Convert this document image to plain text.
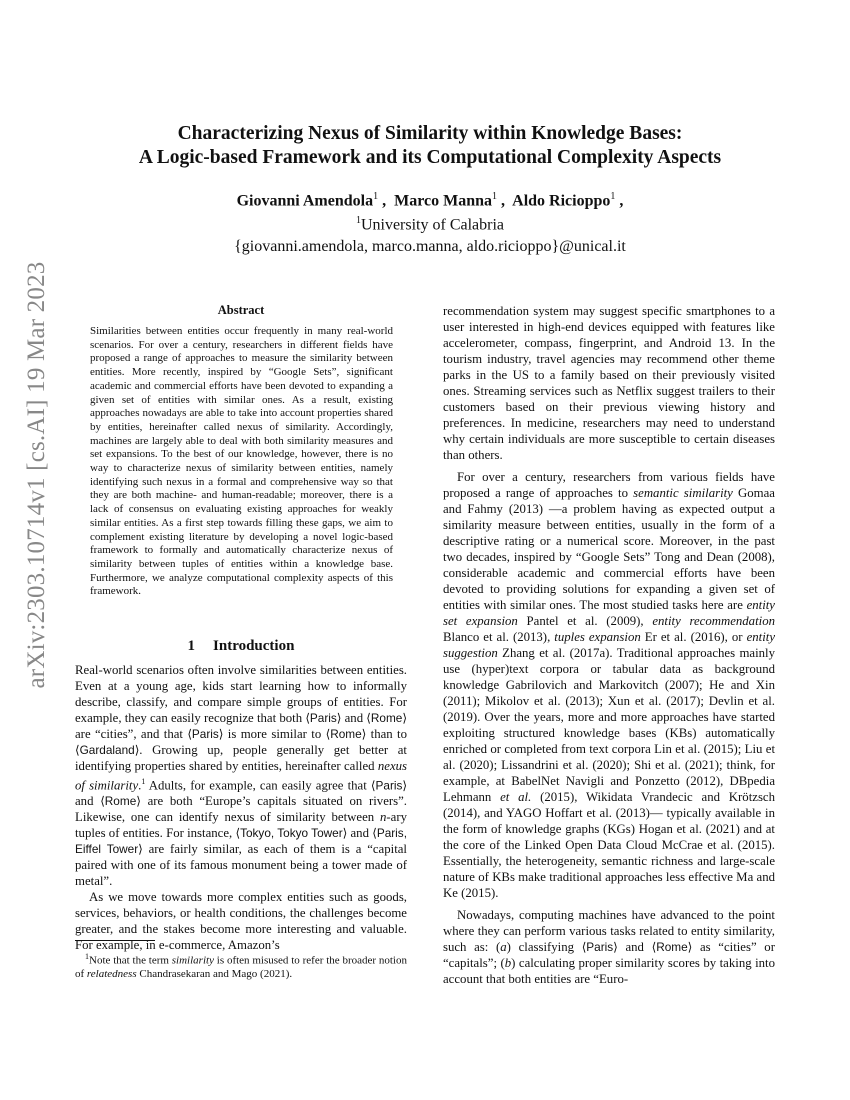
arXiv:2303.10714v1 [cs.AI] 19 Mar 2023
Characterizing Nexus of Similarity within Knowledge Bases:
A Logic-based Framework and its Computational Complexity Aspects
Giovanni Amendola$^1$ ,  Marco Manna$^1$ ,  Aldo Ricioppo$^1$ ,
$^1$University of Calabria
{giovanni.amendola, marco.manna, aldo.ricioppo}@unical.it
Abstract
Similarities between entities occur frequently in many real-world scenarios. For over a century, researchers in different fields have proposed a range of approaches to measure the similarity between entities. More recently, inspired by “Google Sets”, significant academic and commercial efforts have been devoted to expanding a given set of entities with similar ones. As a result, existing approaches nowadays are able to take into account properties shared by entities, hereinafter called nexus of similarity. Accordingly, machines are largely able to deal with both similarity measures and set expansions. To the best of our knowledge, however, there is no way to characterize nexus of similarity between entities, namely identifying such nexus in a formal and comprehensive way so that they are both machine- and human-readable; moreover, there is a lack of consensus on evaluating existing approaches for weakly similar entities. As a first step towards filling these gaps, we aim to complement existing literature by developing a novel logic-based framework to formally and automatically characterize nexus of similarity between tuples of entities within a knowledge base. Furthermore, we analyze computational complexity aspects of this framework.
1 Introduction

Real-world scenarios often involve similarities between entities. Even at a young age, kids start learning how to informally describe, classify, and compare simple groups of entities. For example, they can easily recognize that both ⟨Paris⟩ and ⟨Rome⟩ are “cities”, and that ⟨Paris⟩ is more similar to ⟨Rome⟩ than to ⟨Gardaland⟩. Growing up, people generally get better at identifying properties shared by entities, hereinafter called nexus of similarity.$^1$ Adults, for example, can easily agree that ⟨Paris⟩ and ⟨Rome⟩ are both “Europe’s capitals situated on rivers”. Likewise, one can identify nexus of similarity between n-ary tuples of entities. For instance, ⟨Tokyo, Tokyo Tower⟩ and ⟨Paris, Eiffel Tower⟩ are fairly similar, as each of them is a “capital paired with one of its famous monument being a tower made of metal”.

As we move towards more complex entities such as goods, services, behaviors, or health conditions, the challenges become greater, and the stakes become more interesting and valuable. For example, in e-commerce, Amazon’s

$^1$Note that the term similarity is often misused to refer the broader notion of relatedness Chandrasekaran and Mago (2021).

recommendation system may suggest specific smartphones to a user interested in high-end devices equipped with features like accelerometer, compass, fingerprint, and Android 13. In the tourism industry, travel agencies may recommend other theme parks in the US to a family based on their previously visited ones. Streaming services such as Netflix suggest trailers to their customers based on their previous viewing history and preferences. In medicine, researchers may need to understand why certain individuals are more susceptible to certain diseases than others.

For over a century, researchers from various fields have proposed a range of approaches to semantic similarity Gomaa and Fahmy (2013) —a problem having as expected output a similarity measure between entities, usually in the form of a descriptive rating or a numerical score. Moreover, in the past two decades, inspired by “Google Sets” Tong and Dean (2008), considerable academic and commercial efforts have been devoted to providing solutions for expanding a given set of entities with similar ones. The most studied tasks here are entity set expansion Pantel et al. (2009), entity recommendation Blanco et al. (2013), tuples expansion Er et al. (2016), or entity suggestion Zhang et al. (2017a). Traditional approaches mainly use (hyper)text corpora or tabular data as background knowledge Gabrilovich and Markovitch (2007); He and Xin (2011); Mikolov et al. (2013); Xun et al. (2017); Devlin et al. (2019). Over the years, more and more approaches have started exploiting structured knowledge bases (KBs) automatically enriched or completed from text corpora Lin et al. (2015); Liu et al. (2020); Lissandrini et al. (2020); Shi et al. (2021); think, for example, at BabelNet Navigli and Ponzetto (2012), DBpedia Lehmann et al. (2015), Wikidata Vrandecic and Krötzsch (2014), and YAGO Hoffart et al. (2013)— typically available in the form of knowledge graphs (KGs) Hogan et al. (2021) and at the core of the Linked Open Data Cloud McCrae et al. (2015). Essentially, the heterogeneity, semantic richness and large-scale nature of KBs make traditional approaches less effective Ma and Ke (2015).

Nowadays, computing machines have advanced to the point where they can perform various tasks related to entity similarity, such as: (a) classifying ⟨Paris⟩ and ⟨Rome⟩ as “cities” or “capitals”; (b) calculating proper similarity scores by taking into account that both entities are “Euro-
